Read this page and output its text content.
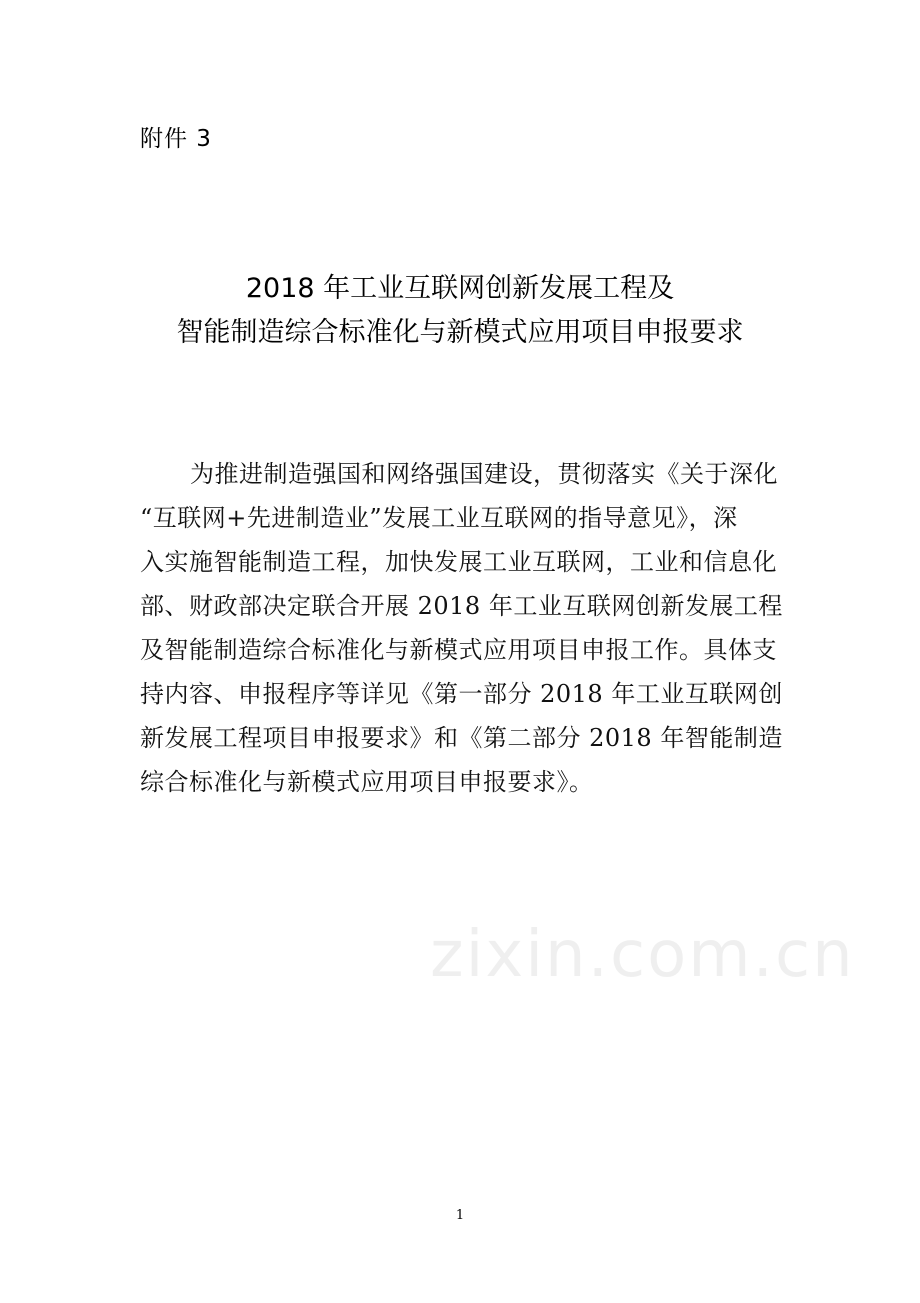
附件 3
2018 年工业互联网创新发展工程及
智能制造综合标准化与新模式应用项目申报要求
为推进制造强国和网络强国建设，贯彻落实《关于深化
“互联网+先进制造业”发展工业互联网的指导意见》，深
入实施智能制造工程，加快发展工业互联网，工业和信息化
部、财政部决定联合开展 2018 年工业互联网创新发展工程
及智能制造综合标准化与新模式应用项目申报工作。具体支
持内容、申报程序等详见《第一部分 2018 年工业互联网创
新发展工程项目申报要求》和《第二部分 2018 年智能制造
综合标准化与新模式应用项目申报要求》。
zixin.com.cn
1
